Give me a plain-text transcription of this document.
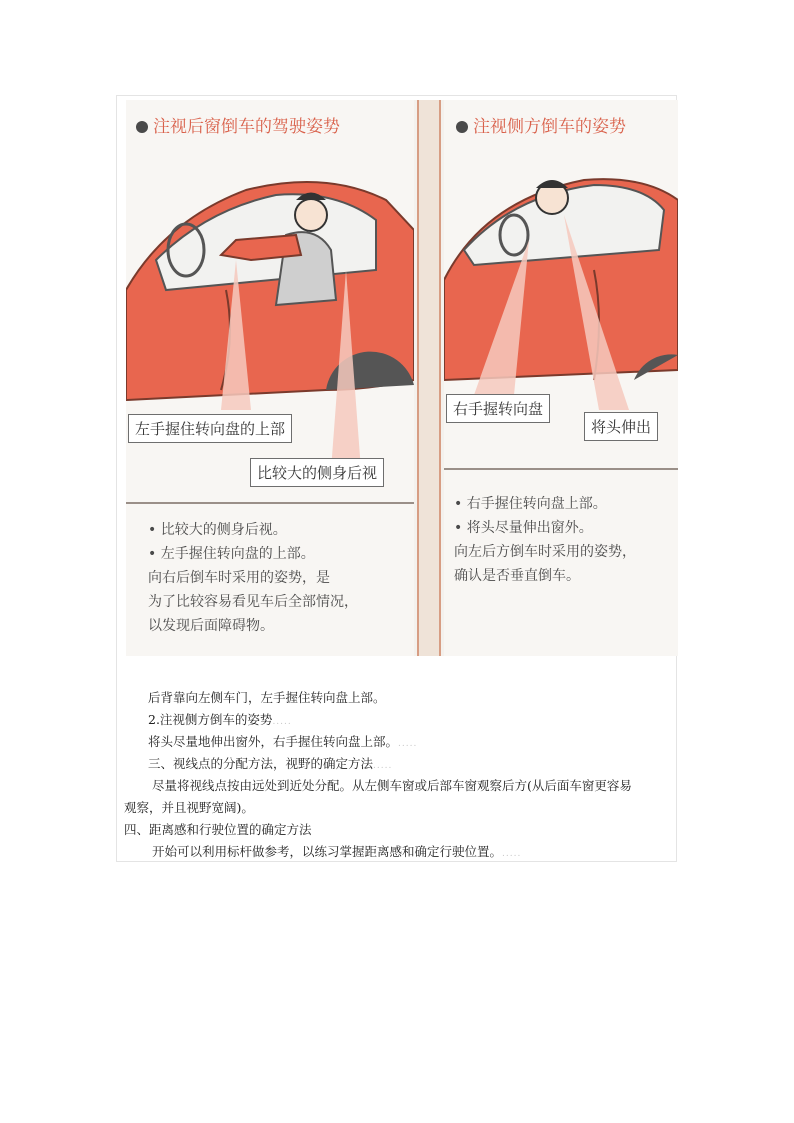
注视后窗倒车的驾驶姿势
左手握住转向盘的上部
比较大的侧身后视
• 比较大的侧身后视。
• 左手握住转向盘的上部。
向右后倒车时采用的姿势，是
为了比较容易看见车后全部情况，
以发现后面障碍物。
注视侧方倒车的姿势
右手握转向盘
将头伸出
• 右手握住转向盘上部。
• 将头尽量伸出窗外。
向左后方倒车时采用的姿势，
确认是否垂直倒车。
后背靠向左侧车门，左手握住转向盘上部。
2.注视侧方倒车的姿势.....
将头尽量地伸出窗外，右手握住转向盘上部。.....
三、视线点的分配方法，视野的确定方法.....
尽量将视线点按由远处到近处分配。从左侧车窗或后部车窗观察后方(从后面车窗更容易
观察，并且视野宽阔)。
四、距离感和行驶位置的确定方法
开始可以利用标杆做参考，以练习掌握距离感和确定行驶位置。.....
